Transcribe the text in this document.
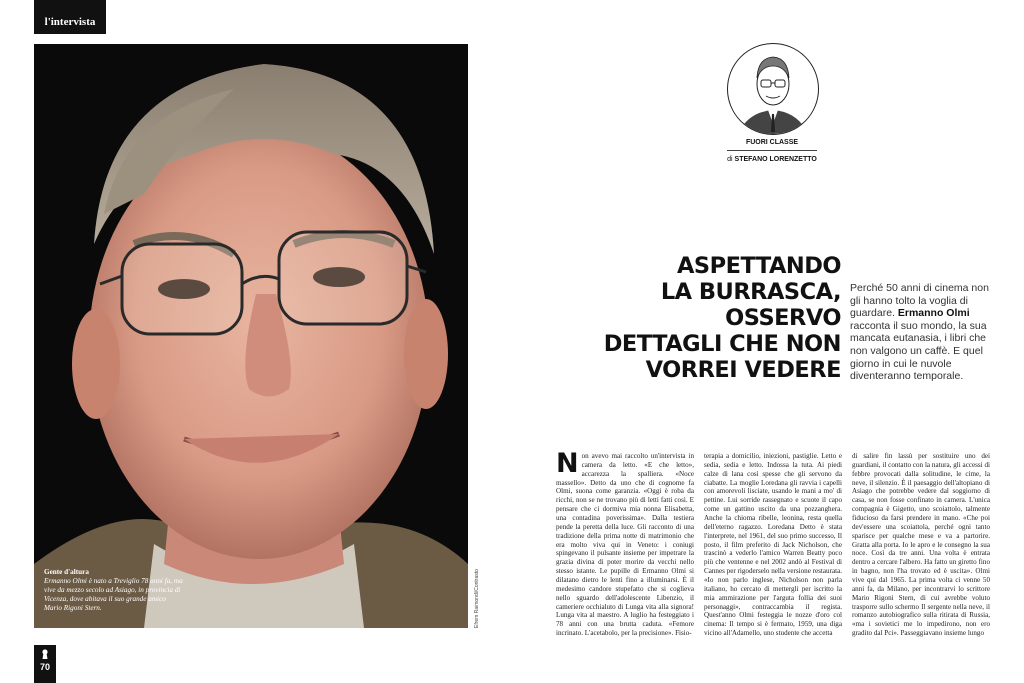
l'intervista
Gente d'altura
Ermanno Olmi è nato a Treviglio 78 anni fa, ma vive da mezzo secolo ad Asiago, in provincia di Vicenza, dove abitava il suo grande amico Mario Rigoni Stern.	Efrem Raimondi/Contrasto
70
FUORI CLASSE
di STEFANO LORENZETTO
ASPETTANDO
LA BURRASCA,
OSSERVO
DETTAGLI CHE NON
VORREI VEDERE
Perché 50 anni di cinema non gli hanno tolto la voglia di guardare. Ermanno Olmi racconta il suo mondo, la sua mancata eutanasia, i libri che non valgono un caffè. E quel giorno in cui le nuvole diventeranno temporale.
N on avevo mai raccolto un'intervista in camera da letto. «E che letto», accarezza la spalliera. «Noce massello». Detto da uno che di cognome fa Olmi, suona come garanzia. «Oggi è roba da ricchi, non se ne trovano più di letti fatti così. E pensare che ci dormiva mia nonna Elisabetta, una contadina poverissima». Dalla testiera pende la peretta della luce. Gli racconto di una tradizione della prima notte di matrimonio che era molto viva qui in Veneto: i coniugi spingevano il pulsante insieme per impetrare la grazia divina di poter morire da vecchi nello stesso istante. Le pupille di Ermanno Olmi si dilatano dietro le lenti fino a illuminarsi. È il medesimo candore stupefatto che si coglieva nello sguardo dell'adolescente Libenzio, il cameriere occhialuto di Lunga vita alla signora! Lunga vita al maestro. A luglio ha festeggiato i 78 anni con una brutta caduta. «Femore incrinato. L'acetabolo, per la precisione». Fisio-

terapia a domicilio, iniezioni, pastiglie. Letto e sedia, sedia e letto. Indossa la tuta. Ai piedi calze di lana così spesse che gli servono da ciabatte. La moglie Loredana gli ravvia i capelli con amorevoli lisciate, usando le mani a mo' di pettine. Lui sorride rassegnato e scuote il capo come un gattino uscito da una pozzanghera. Anche la chioma ribelle, leonina, resta quella dell'eterno ragazzo. Loredana Detto è stata l'interprete, nel 1961, del suo primo successo, Il posto, il film preferito di Jack Nicholson, che trascinò a vederlo l'amico Warren Beatty poco più che ventenne e nel 2002 andò al Festival di Cannes per rigoderselo nella versione restaurata. «Io non parlo inglese, Nicholson non parla italiano, ho cercato di mettergli per iscritto la mia ammirazione per l'arguta follia dei suoi personaggi», contraccambia il regista. Quest'anno Olmi festeggia le nozze d'oro col cinema: Il tempo si è fermato, 1959, una diga vicino all'Adamello, uno studente che accetta

di salire fin lassù per sostituire uno dei guardiani, il contatto con la natura, gli accessi di febbre provocati dalla solitudine, le cime, la neve, il silenzio. È il paesaggio dell'altopiano di Asiago che potrebbe vedere dal soggiorno di casa, se non fosse confinato in camera. L'unica compagnia è Gigetto, uno scoiattolo, talmente fiducioso da farsi prendere in mano. «Che poi dev'essere una scoiattola, perché ogni tanto sparisce per qualche mese e va a partorire. Gratta alla porta. Io le apro e le consegno la sua noce. Così da tre anni. Una volta è entrata dentro a cercare l'albero. Ha fatto un giretto fino in bagno, non l'ha trovato ed è uscita». Olmi vive qui dal 1965. La prima volta ci venne 50 anni fa, da Milano, per incontrarvi lo scrittore Mario Rigoni Stern, di cui avrebbe voluto trasporre sullo schermo Il sergente nella neve, il romanzo autobiografico sulla ritirata di Russia, «ma i sovietici me lo impedirono, non ero gradito dal Pci». Passeggiavano insieme lungo
